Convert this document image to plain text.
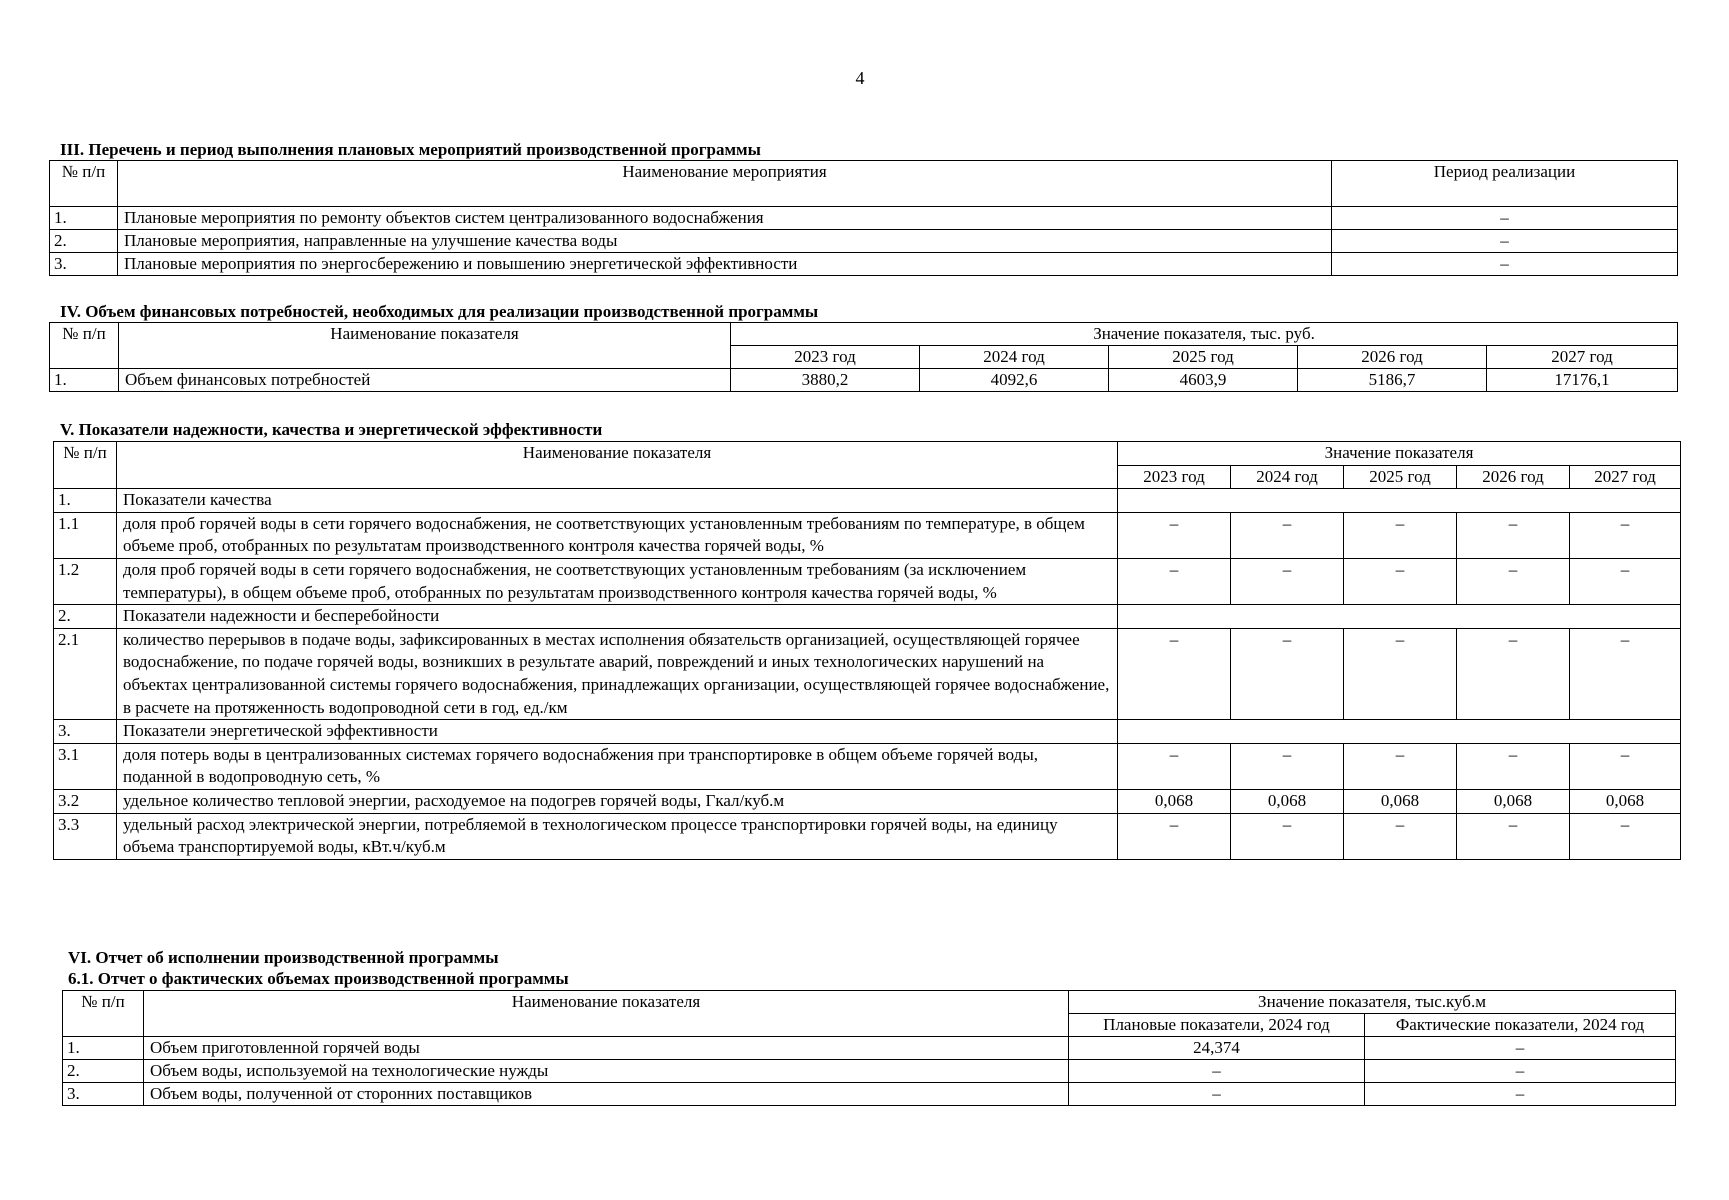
4
III. Перечень и период выполнения плановых мероприятий производственной программы
№ п/п	Наименование мероприятия	Период реализации
1.	Плановые мероприятия по ремонту объектов систем централизованного водоснабжения	–
2.	Плановые мероприятия, направленные на улучшение качества воды	–
3.	Плановые мероприятия по энергосбережению и повышению энергетической эффективности	–
IV. Объем финансовых потребностей, необходимых для реализации производственной программы
№ п/п	Наименование показателя	Значение показателя, тыс. руб.				
		2023 год	2024 год	2025 год	2026 год	2027 год
1.	Объем финансовых потребностей	3880,2	4092,6	4603,9	5186,7	17176,1
V. Показатели надежности, качества и энергетической эффективности
№ п/п	Наименование показателя	Значение показателя				
		2023 год	2024 год	2025 год	2026 год	2027 год
1.	Показатели качества					
1.1	доля проб горячей воды в сети горячего водоснабжения, не соответствующих установленным требованиям по температуре, в общем объеме проб, отобранных по результатам производственного контроля качества горячей воды, %	–	–	–	–	–
1.2	доля проб горячей воды в сети горячего водоснабжения, не соответствующих установленным требованиям (за исключением температуры), в общем объеме проб, отобранных по результатам производственного контроля качества горячей воды, %	–	–	–	–	–
2.	Показатели надежности и бесперебойности					
2.1	количество перерывов в подаче воды, зафиксированных в местах исполнения обязательств организацией, осуществляющей горячее водоснабжение, по подаче горячей воды, возникших в результате аварий, повреждений и иных технологических нарушений на объектах централизованной системы горячего водоснабжения, принадлежащих организации, осуществляющей горячее водоснабжение, в расчете на протяженность водопроводной сети в год, ед./км	–	–	–	–	–
3.	Показатели энергетической эффективности					
3.1	доля потерь воды в централизованных системах горячего водоснабжения при транспортировке в общем объеме горячей воды, поданной в водопроводную сеть, %	–	–	–	–	–
3.2	удельное количество тепловой энергии, расходуемое на подогрев горячей воды, Гкал/куб.м	0,068	0,068	0,068	0,068	0,068
3.3	удельный расход электрической энергии, потребляемой в технологическом процессе транспортировки горячей воды, на единицу объема транспортируемой воды, кВт.ч/куб.м	–	–	–	–	–
VI. Отчет об исполнении производственной программы
6.1. Отчет о фактических объемах производственной программы
№ п/п	Наименование показателя	Значение показателя, тыс.куб.м	
		Плановые показатели, 2024 год	Фактические показатели, 2024 год
1.	Объем приготовленной горячей воды	24,374	–
2.	Объем воды, используемой на технологические нужды	–	–
3.	Объем воды, полученной от сторонних поставщиков	–	–
